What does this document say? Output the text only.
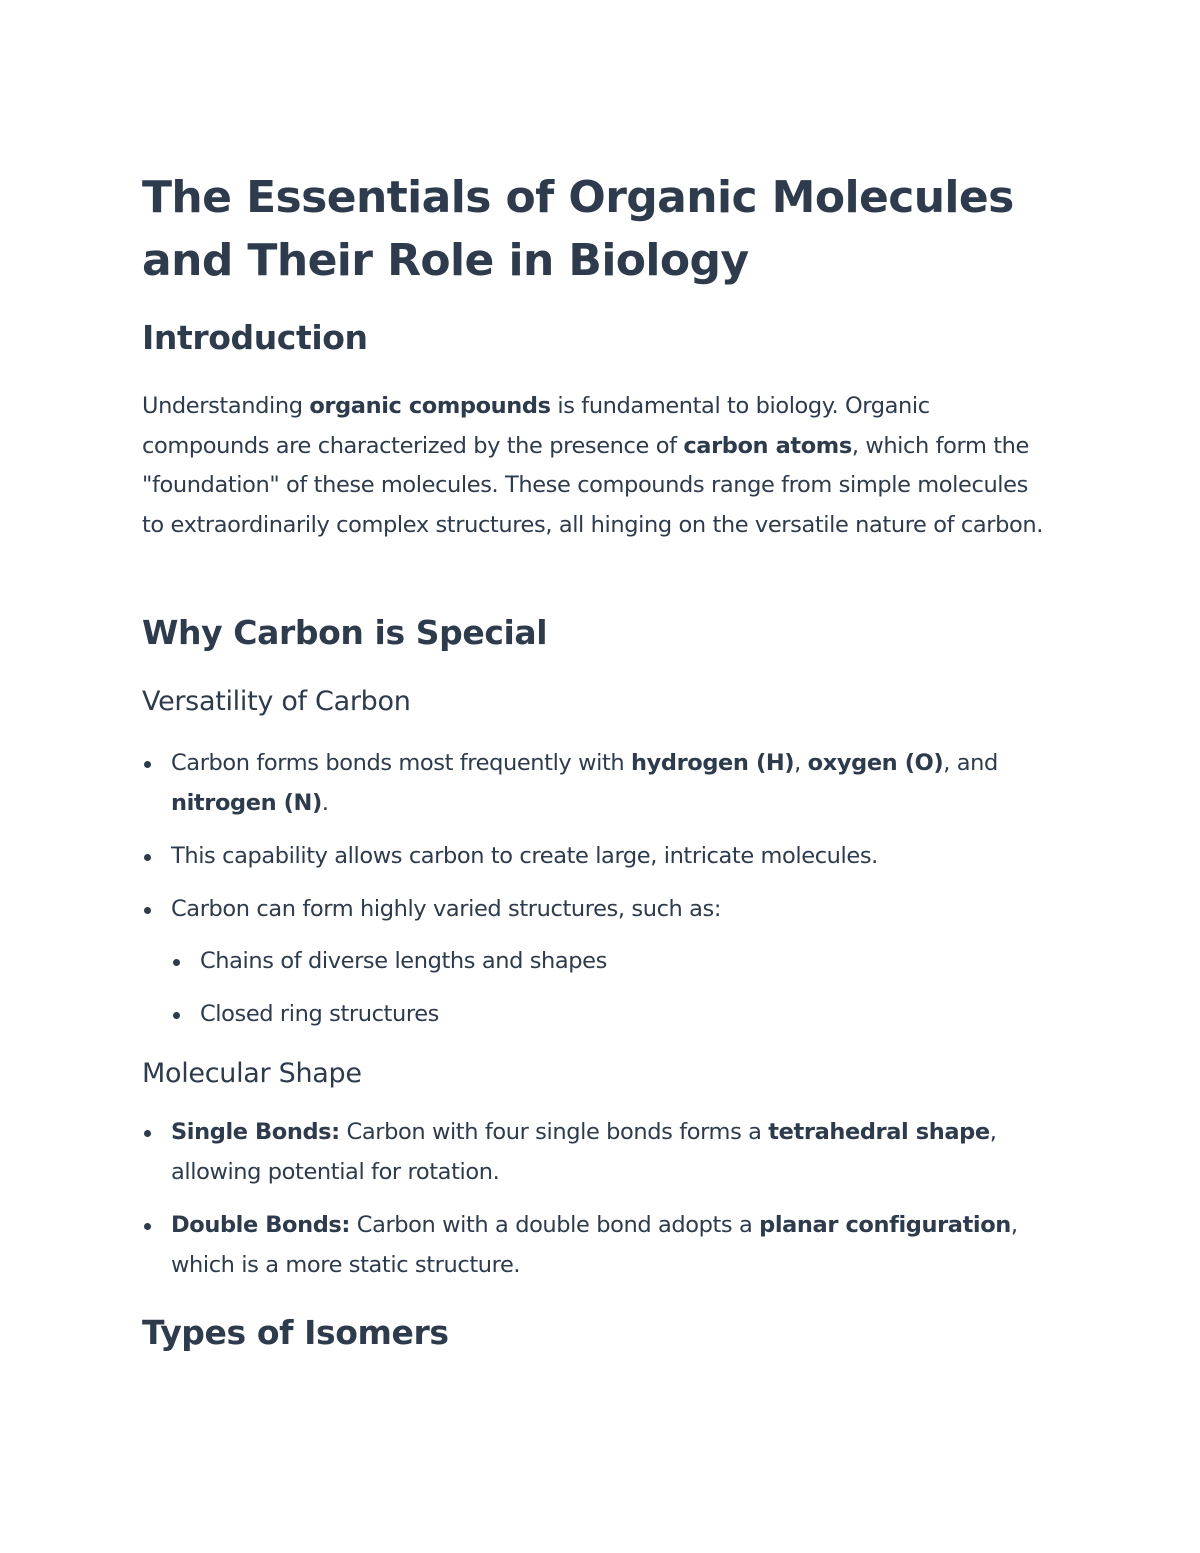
The Essentials of Organic Molecules and Their Role in Biology
Introduction

Understanding organic compounds is fundamental to biology. Organic compounds are characterized by the presence of carbon atoms, which form the "foundation" of these molecules. These compounds range from simple molecules to extraordinarily complex structures, all hinging on the versatile nature of carbon.

Why Carbon is Special
Versatility of Carbon
Carbon forms bonds most frequently with hydrogen (H), oxygen (O), and nitrogen (N).
This capability allows carbon to create large, intricate molecules.
Carbon can form highly varied structures, such as:
Chains of diverse lengths and shapes
Closed ring structures
Molecular Shape
Single Bonds: Carbon with four single bonds forms a tetrahedral shape, allowing potential for rotation.
Double Bonds: Carbon with a double bond adopts a planar configuration, which is a more static structure.
Types of Isomers
